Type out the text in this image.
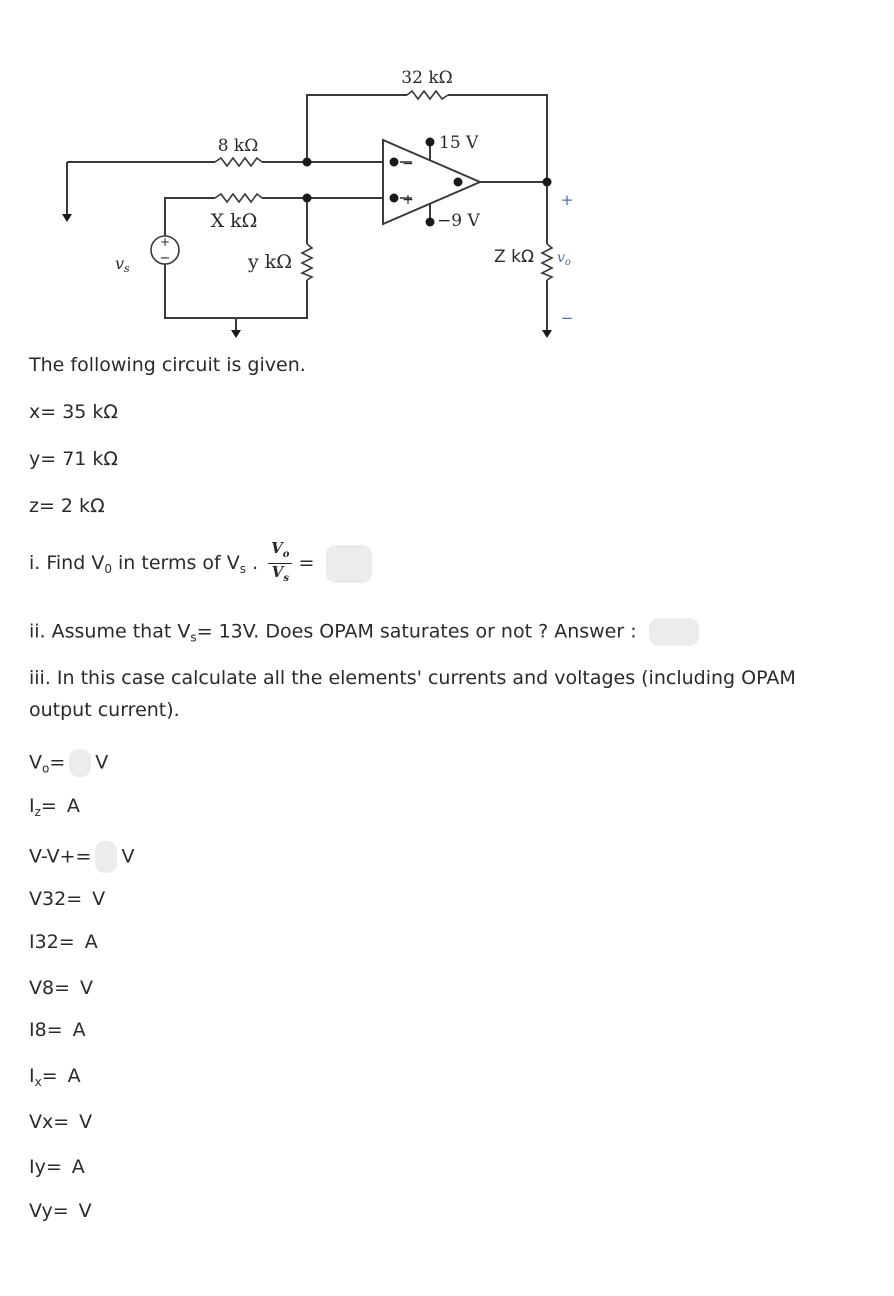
32 kΩ
8 kΩ
X kΩ
y kΩ	Z kΩ
15 V
−9 V
−
+
+
−
vs
$v_o$
+
−
The following circuit is given.
x= 35 kΩ
y= 71 kΩ
z= 2 kΩ
i. Find $V_0$ in terms of $V_s$ . $\frac{V_o}{V_s}$ =
ii. Assume that $V_s= 13V$. Does OPAM saturates or not ? Answer :
iii. In this case calculate all the elements' currents and voltages (including OPAM output current).
$V_o= V$
$I_z= A$
V-V+= V
V32= V
I32= A
V8= V
I8= A
$I_x= A$
Vx= V
Iy= A
Vy= V
